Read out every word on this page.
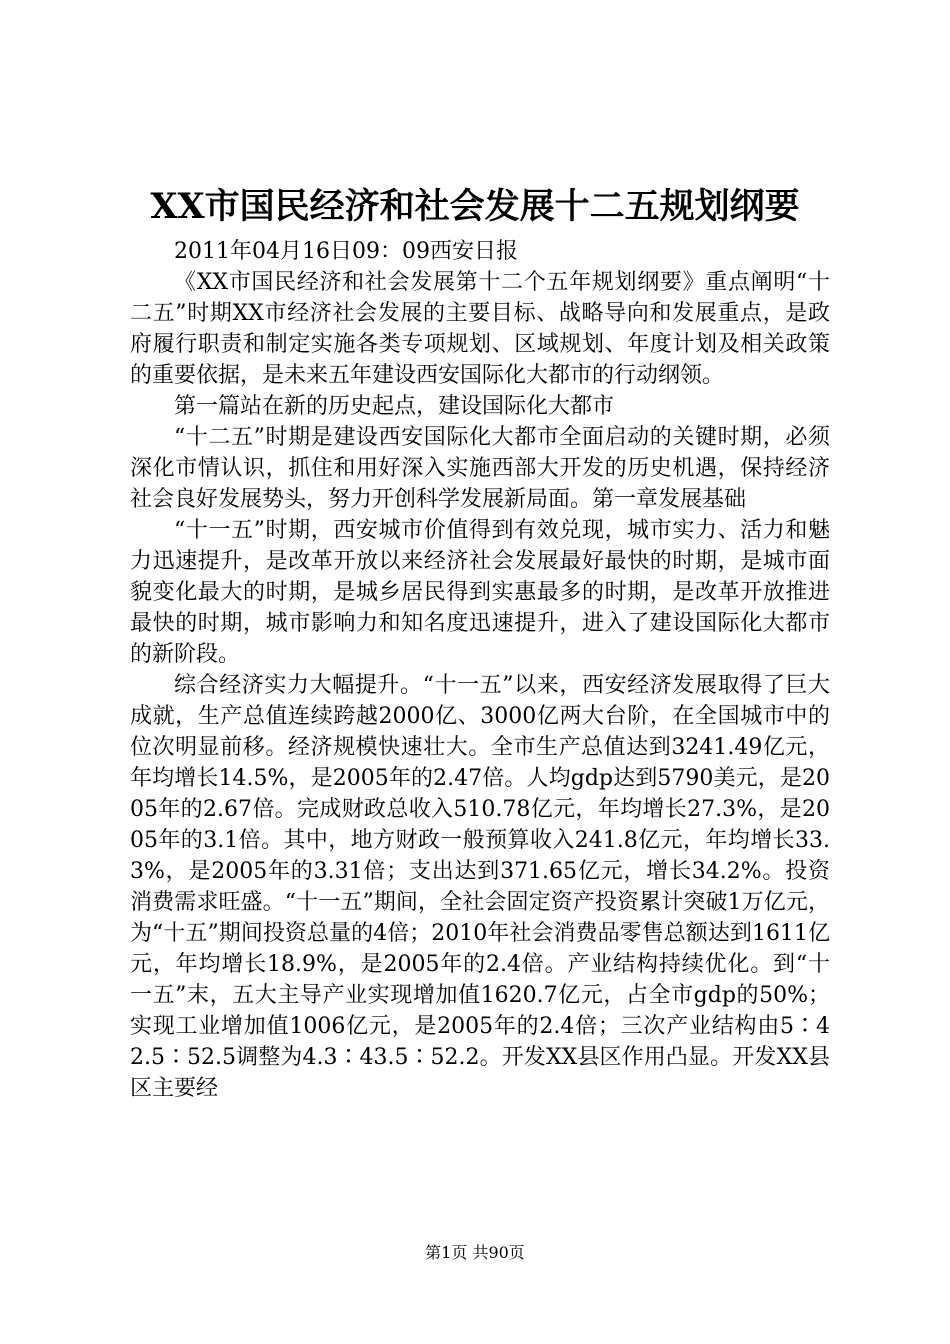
XX市国民经济和社会发展十二五规划纲要

2011年04月16日09：09西安日报

《XX市国民经济和社会发展第十二个五年规划纲要》重点阐明“十二五”时期XX市经济社会发展的主要目标、战略导向和发展重点，是政府履行职责和制定实施各类专项规划、区域规划、年度计划及相关政策的重要依据，是未来五年建设西安国际化大都市的行动纲领。

第一篇站在新的历史起点，建设国际化大都市

“十二五”时期是建设西安国际化大都市全面启动的关键时期，必须深化市情认识，抓住和用好深入实施西部大开发的历史机遇，保持经济社会良好发展势头，努力开创科学发展新局面。第一章发展基础

“十一五”时期，西安城市价值得到有效兑现，城市实力、活力和魅力迅速提升，是改革开放以来经济社会发展最好最快的时期，是城市面貌变化最大的时期，是城乡居民得到实惠最多的时期，是改革开放推进最快的时期，城市影响力和知名度迅速提升，进入了建设国际化大都市的新阶段。

综合经济实力大幅提升。“十一五”以来，西安经济发展取得了巨大成就，生产总值连续跨越2000亿、3000亿两大台阶，在全国城市中的位次明显前移。经济规模快速壮大。全市生产总值达到3241.49亿元，年均增长14.5%，是2005年的2.47倍。人均gdp达到5790美元，是2005年的2.67倍。完成财政总收入510.78亿元，年均增长27.3%，是2005年的3.1倍。其中，地方财政一般预算收入241.8亿元，年均增长33.3%，是2005年的3.31倍；支出达到371.65亿元，增长34.2%。投资消费需求旺盛。“十一五”期间，全社会固定资产投资累计突破1万亿元，为“十五”期间投资总量的4倍；2010年社会消费品零售总额达到1611亿元，年均增长18.9%，是2005年的2.4倍。产业结构持续优化。到“十一五”末，五大主导产业实现增加值1620.7亿元，占全市gdp的50%；实现工业增加值1006亿元，是2005年的2.4倍；三次产业结构由5∶42.5∶52.5调整为4.3∶43.5∶52.2。开发XX县区作用凸显。开发XX县区主要经

第1页 共90页
